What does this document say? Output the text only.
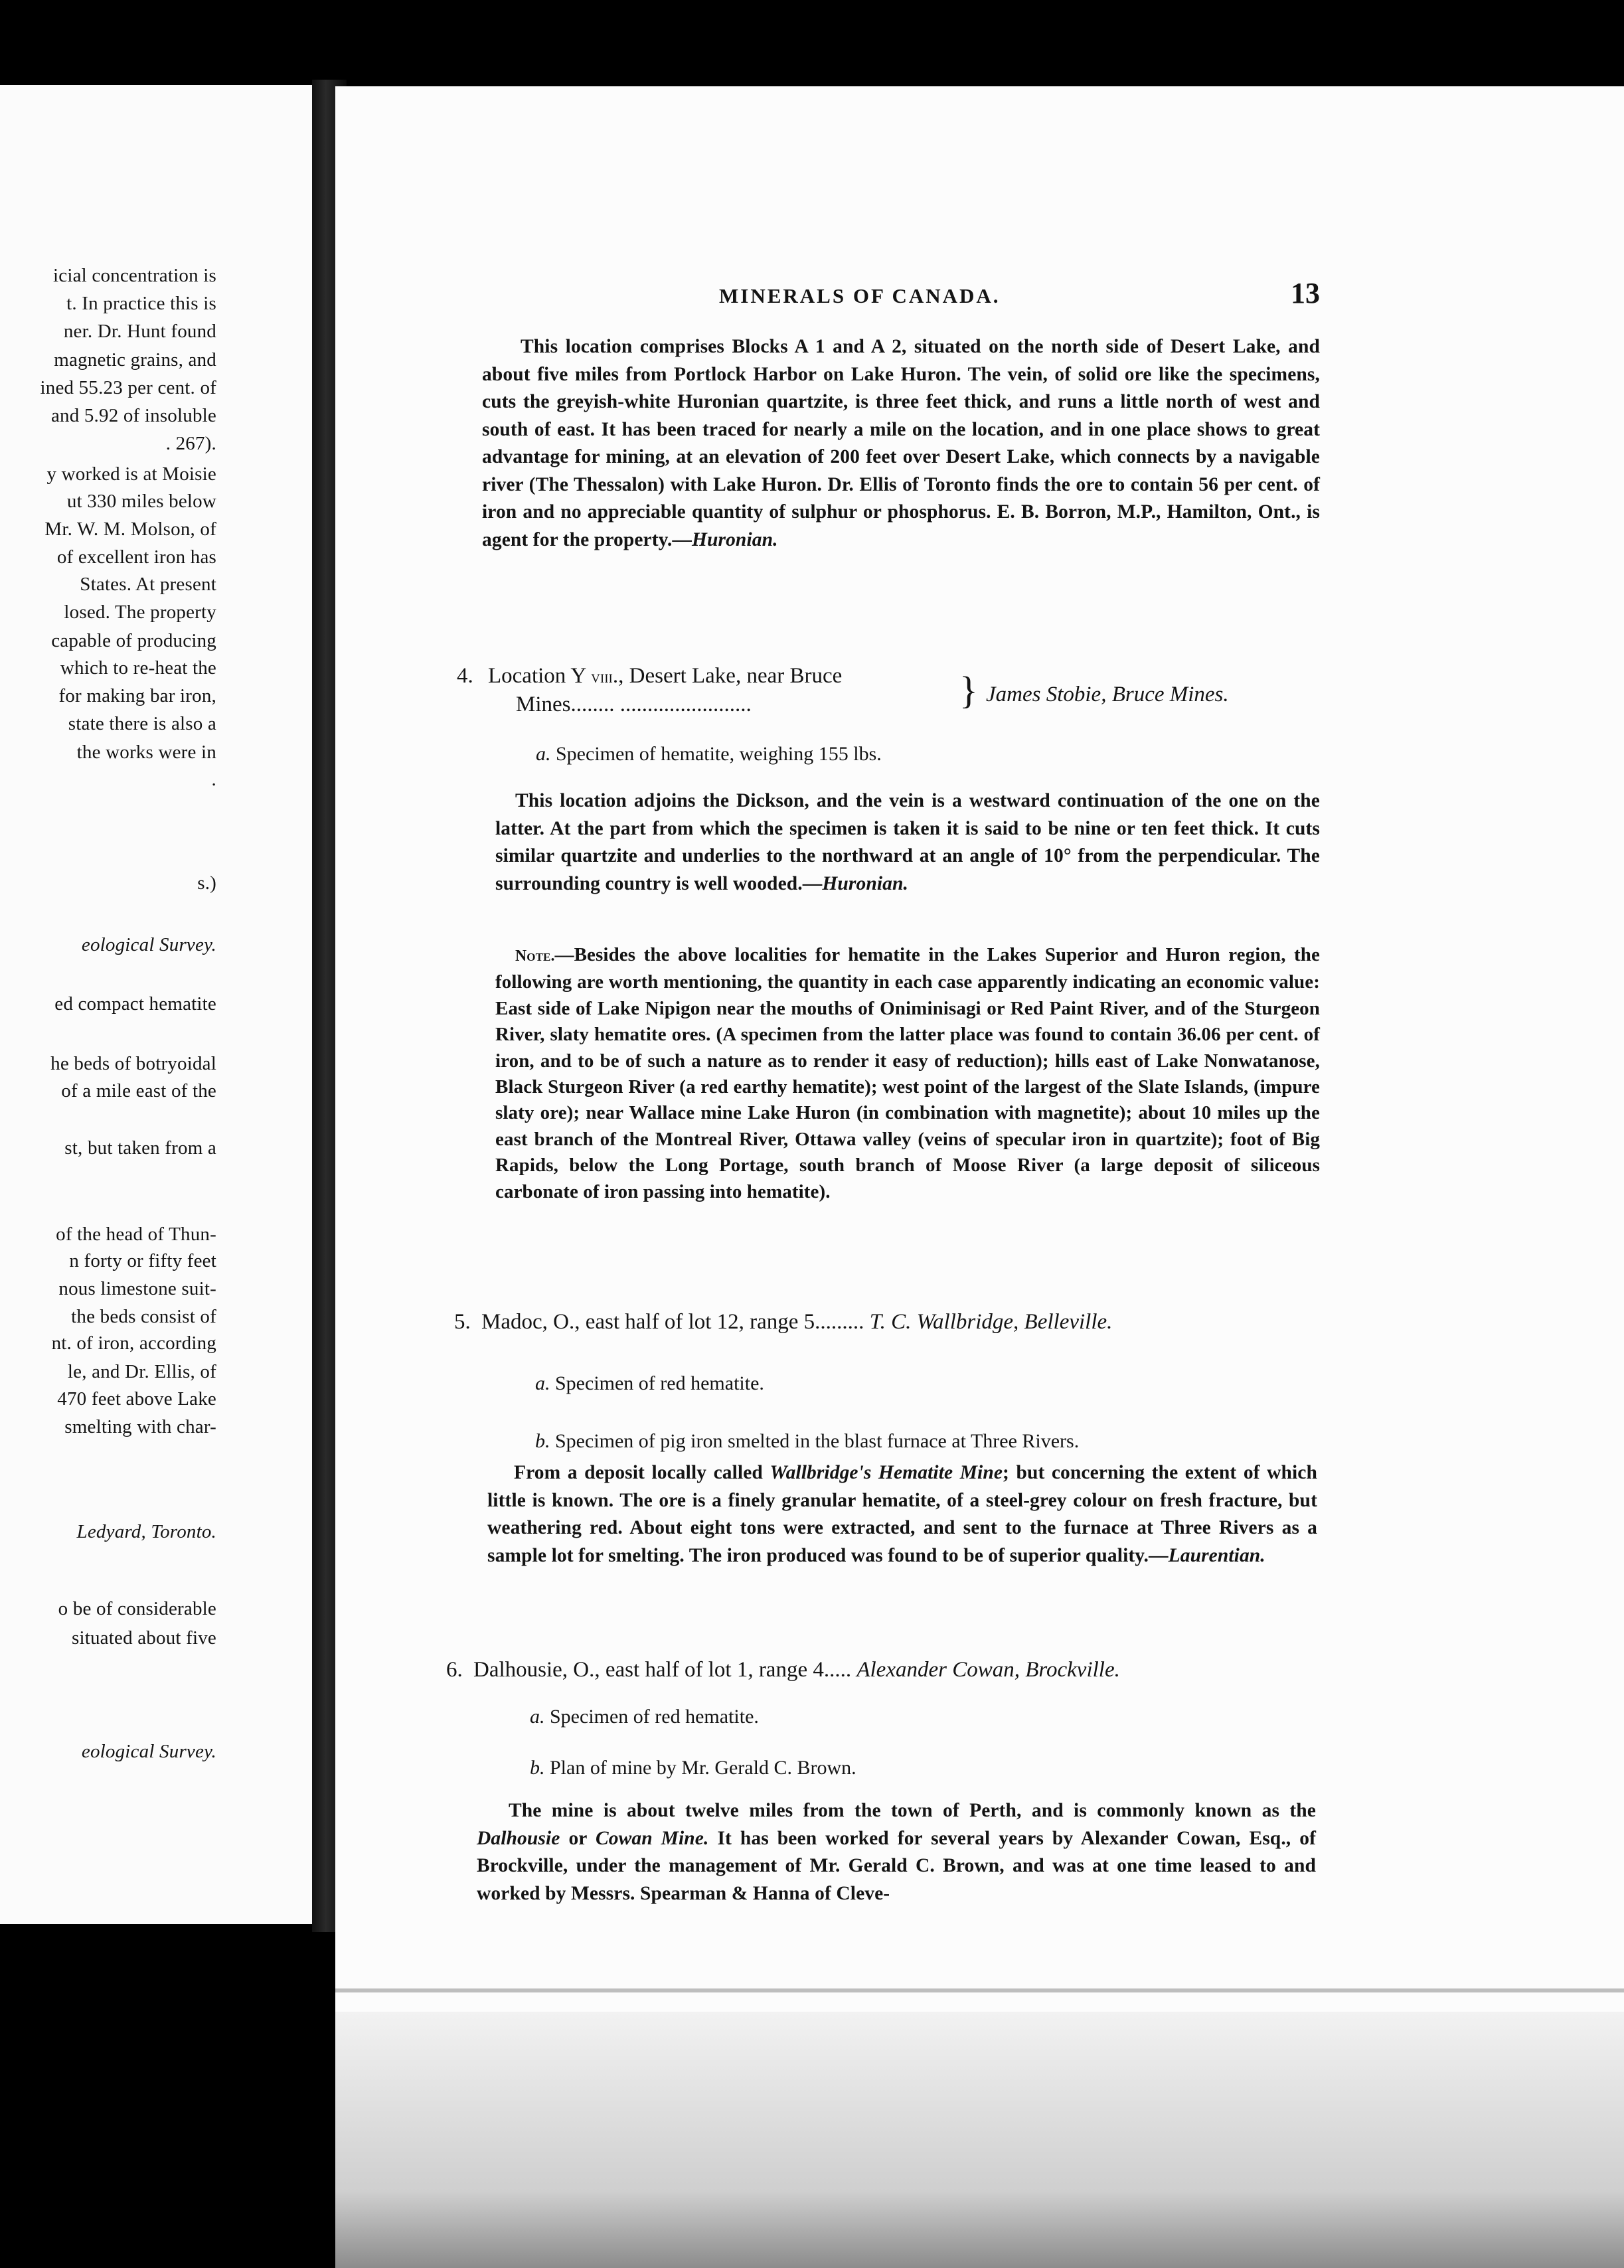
icial concentration is
t. In practice this is
ner. Dr. Hunt found
magnetic grains, and
ined 55.23 per cent. of
and 5.92 of insoluble
. 267).
y worked is at Moisie
ut 330 miles below
Mr. W. M. Molson, of
of excellent iron has
States. At present
losed. The property
capable of producing
which to re-heat the
for making bar iron,
state there is also a
the works were in
.
s.)
eological Survey.
ed compact hematite
he beds of botryoidal
of a mile east of the
st, but taken from a
of the head of Thun-
n forty or fifty feet
nous limestone suit-
the beds consist of
nt. of iron, according
le, and Dr. Ellis, of
470 feet above Lake
smelting with char-
Ledyard, Toronto.
o be of considerable
situated about five
eological Survey.
MINERALS OF CANADA.	13
This location comprises Blocks A 1 and A 2, situated on the north side of Desert Lake, and about five miles from Portlock Harbor on Lake Huron. The vein, of solid ore like the specimens, cuts the greyish-white Huronian quartzite, is three feet thick, and runs a little north of west and south of east. It has been traced for nearly a mile on the location, and in one place shows to great advantage for mining, at an elevation of 200 feet over Desert Lake, which connects by a navigable river (The Thessalon) with Lake Huron. Dr. Ellis of Toronto finds the ore to contain 56 per cent. of iron and no appreciable quantity of sulphur or phosphorus. E. B. Borron, M.P., Hamilton, Ont., is agent for the property.—Huronian.
4. Location Y viii., Desert Lake, near Bruce
Mines........ ........................	} James Stobie, Bruce Mines.
a. Specimen of hematite, weighing 155 lbs.
This location adjoins the Dickson, and the vein is a westward continuation of the one on the latter. At the part from which the specimen is taken it is said to be nine or ten feet thick. It cuts similar quartzite and underlies to the northward at an angle of 10° from the perpendicular. The surrounding country is well wooded.—Huronian.
Note.—Besides the above localities for hematite in the Lakes Superior and Huron region, the following are worth mentioning, the quantity in each case apparently indicating an economic value: East side of Lake Nipigon near the mouths of Oniminisagi or Red Paint River, and of the Sturgeon River, slaty hematite ores. (A specimen from the latter place was found to contain 36.06 per cent. of iron, and to be of such a nature as to render it easy of reduction); hills east of Lake Nonwatanose, Black Sturgeon River (a red earthy hematite); west point of the largest of the Slate Islands, (impure slaty ore); near Wallace mine Lake Huron (in combination with magnetite); about 10 miles up the east branch of the Montreal River, Ottawa valley (veins of specular iron in quartzite); foot of Big Rapids, below the Long Portage, south branch of Moose River (a large deposit of siliceous carbonate of iron passing into hematite).
5. Madoc, O., east half of lot 12, range 5......... T. C. Wallbridge, Belleville.
a. Specimen of red hematite.
b. Specimen of pig iron smelted in the blast furnace at Three Rivers.
From a deposit locally called Wallbridge's Hematite Mine; but concerning the extent of which little is known. The ore is a finely granular hematite, of a steel-grey colour on fresh fracture, but weathering red. About eight tons were extracted, and sent to the furnace at Three Rivers as a sample lot for smelting. The iron produced was found to be of superior quality.—Laurentian.
6. Dalhousie, O., east half of lot 1, range 4..... Alexander Cowan, Brockville.
a. Specimen of red hematite.
b. Plan of mine by Mr. Gerald C. Brown.
The mine is about twelve miles from the town of Perth, and is commonly known as the Dalhousie or Cowan Mine. It has been worked for several years by Alexander Cowan, Esq., of Brockville, under the management of Mr. Gerald C. Brown, and was at one time leased to and worked by Messrs. Spearman & Hanna of Cleve-
